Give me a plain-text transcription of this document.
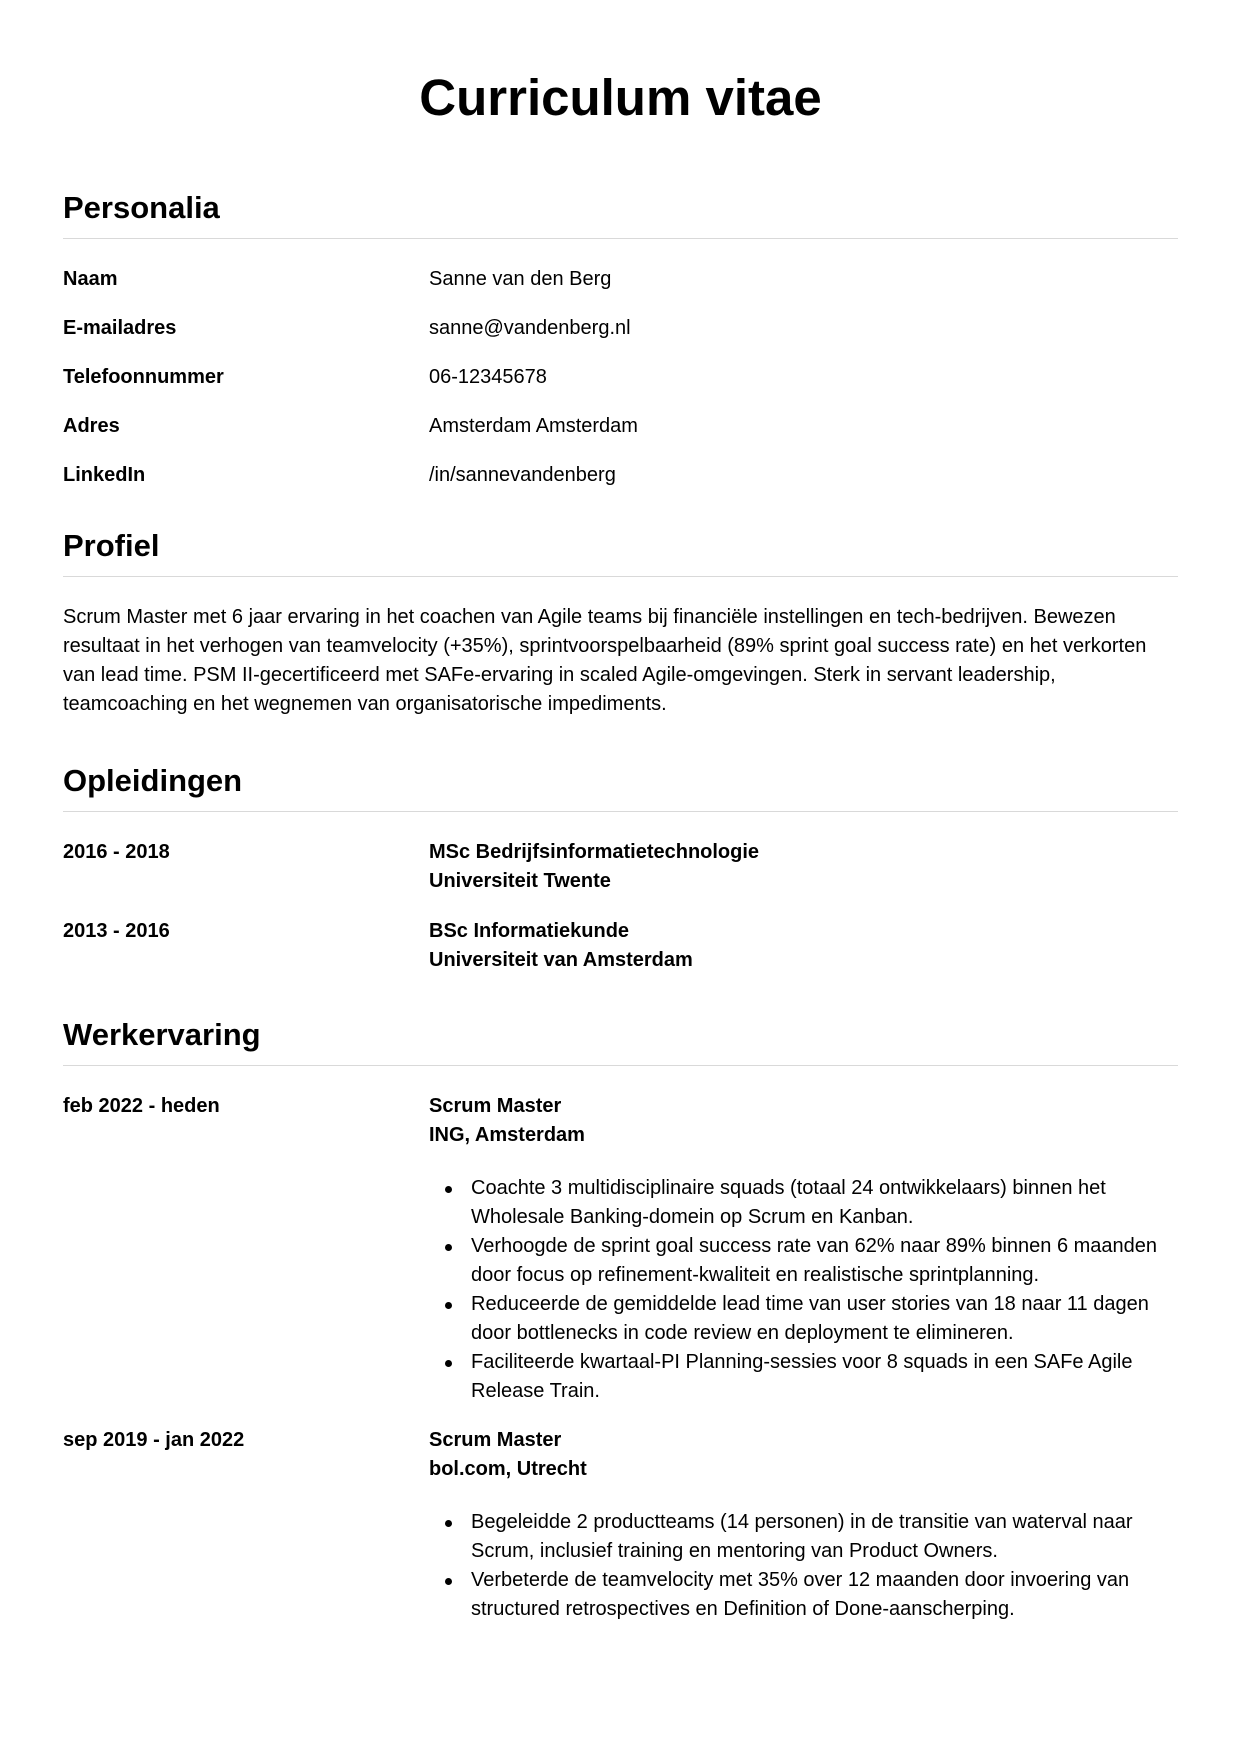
Curriculum vitae
Personalia
Naam	Sanne van den Berg
E-mailadres	sanne@vandenberg.nl
Telefoonnummer	06-12345678
Adres	Amsterdam Amsterdam
LinkedIn	/in/sannevandenberg
Profiel

Scrum Master met 6 jaar ervaring in het coachen van Agile teams bij financiële instellingen en tech-bedrijven. Bewezen resultaat in het verhogen van teamvelocity (+35%), sprintvoorspelbaarheid (89% sprint goal success rate) en het verkorten van lead time. PSM II-gecertificeerd met SAFe-ervaring in scaled Agile-omgevingen. Sterk in servant leadership, teamcoaching en het wegnemen van organisatorische impediments.

Opleidingen
2016 - 2018	MSc Bedrijfsinformatietechnologie
Universiteit Twente
2013 - 2016	BSc Informatiekunde
Universiteit van Amsterdam
Werkervaring
feb 2022 - heden	Scrum Master
ING, Amsterdam
Coachte 3 multidisciplinaire squads (totaal 24 ontwikkelaars) binnen het Wholesale Banking-domein op Scrum en Kanban.
Verhoogde de sprint goal success rate van 62% naar 89% binnen 6 maanden door focus op refinement-kwaliteit en realistische sprintplanning.
Reduceerde de gemiddelde lead time van user stories van 18 naar 11 dagen door bottlenecks in code review en deployment te elimineren.
Faciliteerde kwartaal-PI Planning-sessies voor 8 squads in een SAFe Agile Release Train.
sep 2019 - jan 2022	Scrum Master
bol.com, Utrecht
Begeleidde 2 productteams (14 personen) in de transitie van waterval naar Scrum, inclusief training en mentoring van Product Owners.
Verbeterde de teamvelocity met 35% over 12 maanden door invoering van structured retrospectives en Definition of Done-aanscherping.
